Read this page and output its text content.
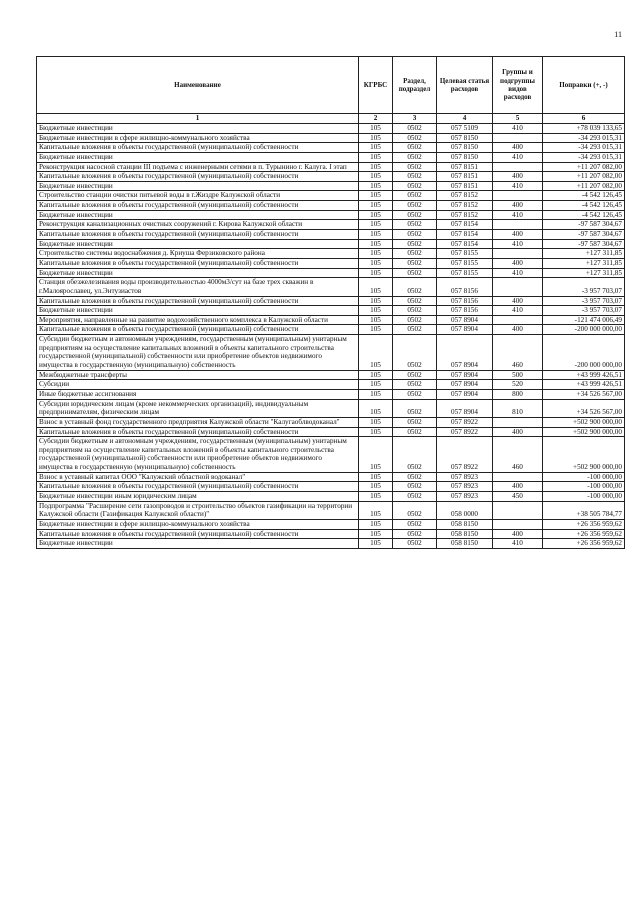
11
Наименование	КГРБС	Раздел, подраздел	Целевая статья расходов	Группы и подгруппы видов расходов	Поправки (+, -)
1	2	3	4	5	6
Бюджетные инвестиции	105	0502	057 5109	410	+78 039 133,65
Бюджетные инвестиции в сфере жилищно-коммунального хозяйства	105	0502	057 8150		-34 293 015,31
Капитальные вложения в объекты государственной (муниципальной) собственности	105	0502	057 8150	400	-34 293 015,31
Бюджетные инвестиции	105	0502	057 8150	410	-34 293 015,31
Реконструкция насосной станции III подъема с инженерными сетями в п. Турынино г. Калуга. I этап	105	0502	057 8151		+11 207 082,00
Капитальные вложения в объекты государственной (муниципальной) собственности	105	0502	057 8151	400	+11 207 082,00
Бюджетные инвестиции	105	0502	057 8151	410	+11 207 082,00
Строительство станции очистки питьевой воды в г.Жиздре Калужской области	105	0502	057 8152		-4 542 126,45
Капитальные вложения в объекты государственной (муниципальной) собственности	105	0502	057 8152	400	-4 542 126,45
Бюджетные инвестиции	105	0502	057 8152	410	-4 542 126,45
Реконструкция канализационных очистных сооружений г. Кирова Калужской области	105	0502	057 8154		-97 587 304,67
Капитальные вложения в объекты государственной (муниципальной) собственности	105	0502	057 8154	400	-97 587 304,67
Бюджетные инвестиции	105	0502	057 8154	410	-97 587 304,67
Строительство системы водоснабжения д. Криуша Ферзиковского района	105	0502	057 8155		+127 311,85
Капитальные вложения в объекты государственной (муниципальной) собственности	105	0502	057 8155	400	+127 311,85
Бюджетные инвестиции	105	0502	057 8155	410	+127 311,85
Станция обезжелезивания воды производительностью 4000м3/сут на базе трех скважин в г.Малоярославец, ул.Энтузиастов	105	0502	057 8156		-3 957 703,07
Капитальные вложения в объекты государственной (муниципальной) собственности	105	0502	057 8156	400	-3 957 703,07
Бюджетные инвестиции	105	0502	057 8156	410	-3 957 703,07
Мероприятия, направленные на развитие водохозяйственного комплекса в Калужской области	105	0502	057 8904		-121 474 006,49
Капитальные вложения в объекты государственной (муниципальной) собственности	105	0502	057 8904	400	-200 000 000,00
Субсидии бюджетным и автономным учреждениям, государственным (муниципальным) унитарным предприятиям на осуществление капитальных вложений в объекты капитального строительства государственной (муниципальной) собственности или приобретение объектов недвижимого имущества в государственную (муниципальную) собственность	105	0502	057 8904	460	-200 000 000,00
Межбюджетные трансферты	105	0502	057 8904	500	+43 999 426,51
Субсидии	105	0502	057 8904	520	+43 999 426,51
Иные бюджетные ассигнования	105	0502	057 8904	800	+34 526 567,00
Субсидии юридическим лицам (кроме некоммерческих организаций), индивидуальным предпринимателям, физическим лицам	105	0502	057 8904	810	+34 526 567,00
Взнос в уставный фонд государственного предприятия Калужской области "Калугаоблводоканал"	105	0502	057 8922		+502 900 000,00
Капитальные вложения в объекты государственной (муниципальной) собственности	105	0502	057 8922	400	+502 900 000,00
Субсидии бюджетным и автономным учреждениям, государственным (муниципальным) унитарным предприятиям на осуществление капитальных вложений в объекты капитального строительства государственной (муниципальной) собственности или приобретение объектов недвижимого имущества в государственную (муниципальную) собственность	105	0502	057 8922	460	+502 900 000,00
Взнос в уставный капитал ООО "Калужский областной водоканал"	105	0502	057 8923		-100 000,00
Капитальные вложения в объекты государственной (муниципальной) собственности	105	0502	057 8923	400	-100 000,00
Бюджетные инвестиции иным юридическим лицам	105	0502	057 8923	450	-100 000,00
Подпрограмма "Расширение сети газопроводов и строительство объектов газификации на территории Калужской области (Газификация Калужской области)"	105	0502	058 0000		+38 505 784,77
Бюджетные инвестиции в сфере жилищно-коммунального хозяйства	105	0502	058 8150		+26 356 959,62
Капитальные вложения в объекты государственной (муниципальной) собственности	105	0502	058 8150	400	+26 356 959,62
Бюджетные инвестиции	105	0502	058 8150	410	+26 356 959,62
